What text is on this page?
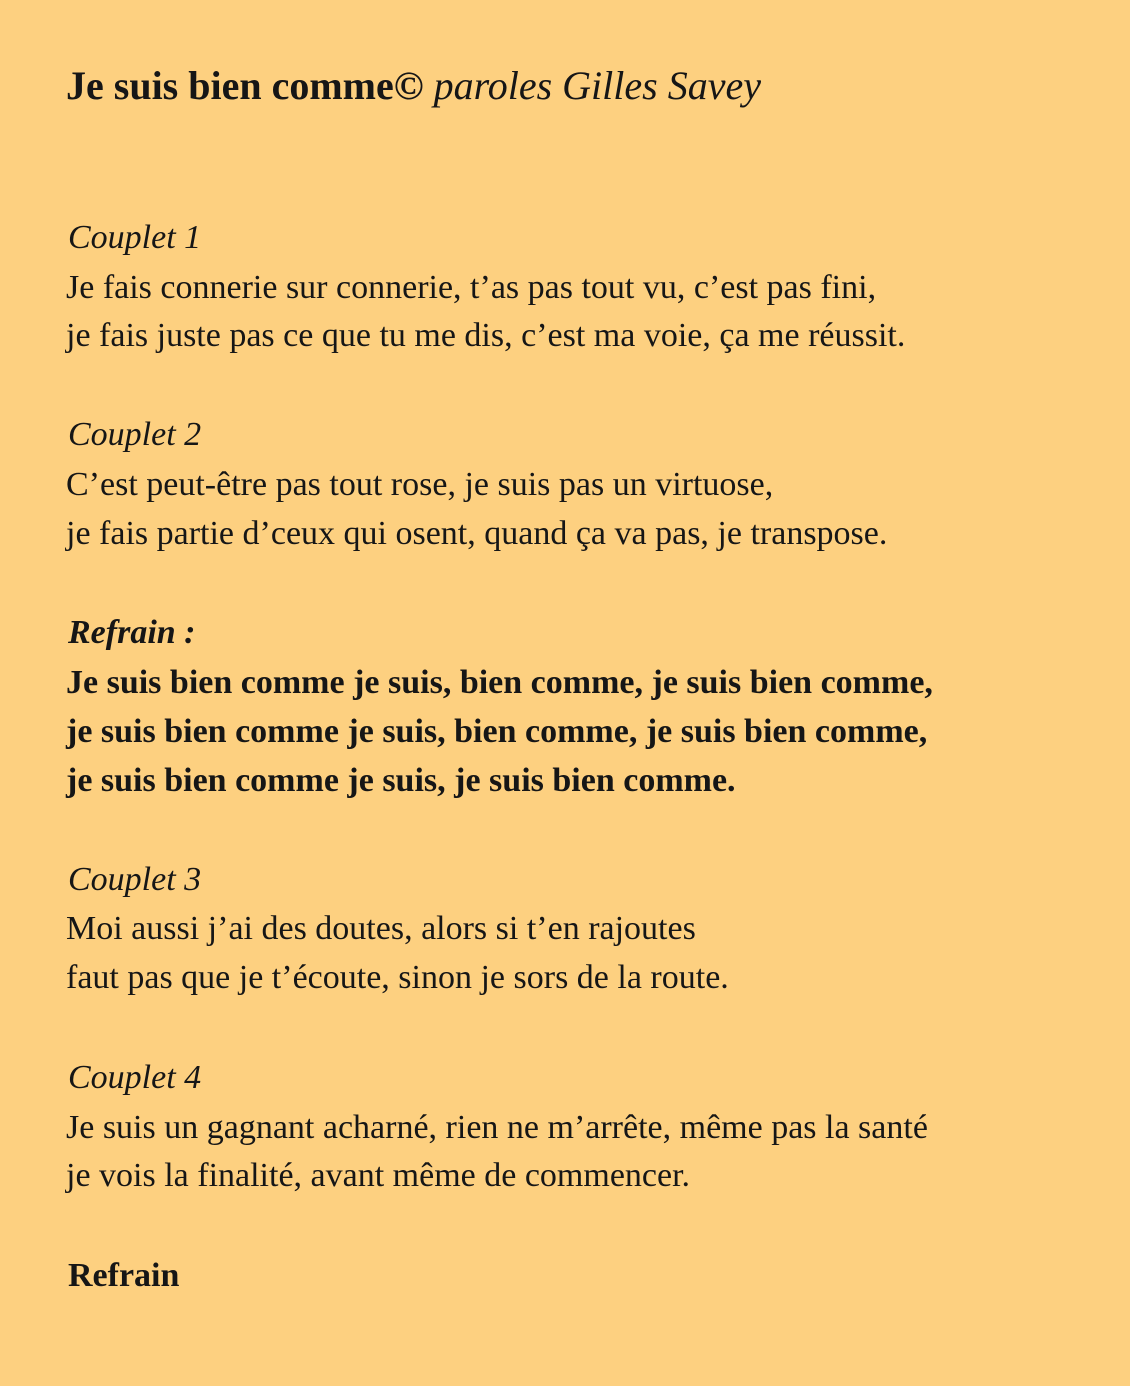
Je suis bien comme© paroles Gilles Savey
Couplet 1
Je fais connerie sur connerie, t’as pas tout vu, c’est pas fini,
je fais juste pas ce que tu me dis, c’est ma voie, ça me réussit.
Couplet 2
C’est peut-être pas tout rose, je suis pas un virtuose,
je fais partie d’ceux qui osent, quand ça va pas, je transpose.
Refrain :
Je suis bien comme je suis, bien comme, je suis bien comme,
je suis bien comme je suis, bien comme, je suis bien comme,
je suis bien comme je suis, je suis bien comme.
Couplet 3
Moi aussi j’ai des doutes, alors si t’en rajoutes
faut pas que je t’écoute, sinon je sors de la route.
Couplet 4
Je suis un gagnant acharné, rien ne m’arrête, même pas la santé
je vois la finalité, avant même de commencer.
Refrain
